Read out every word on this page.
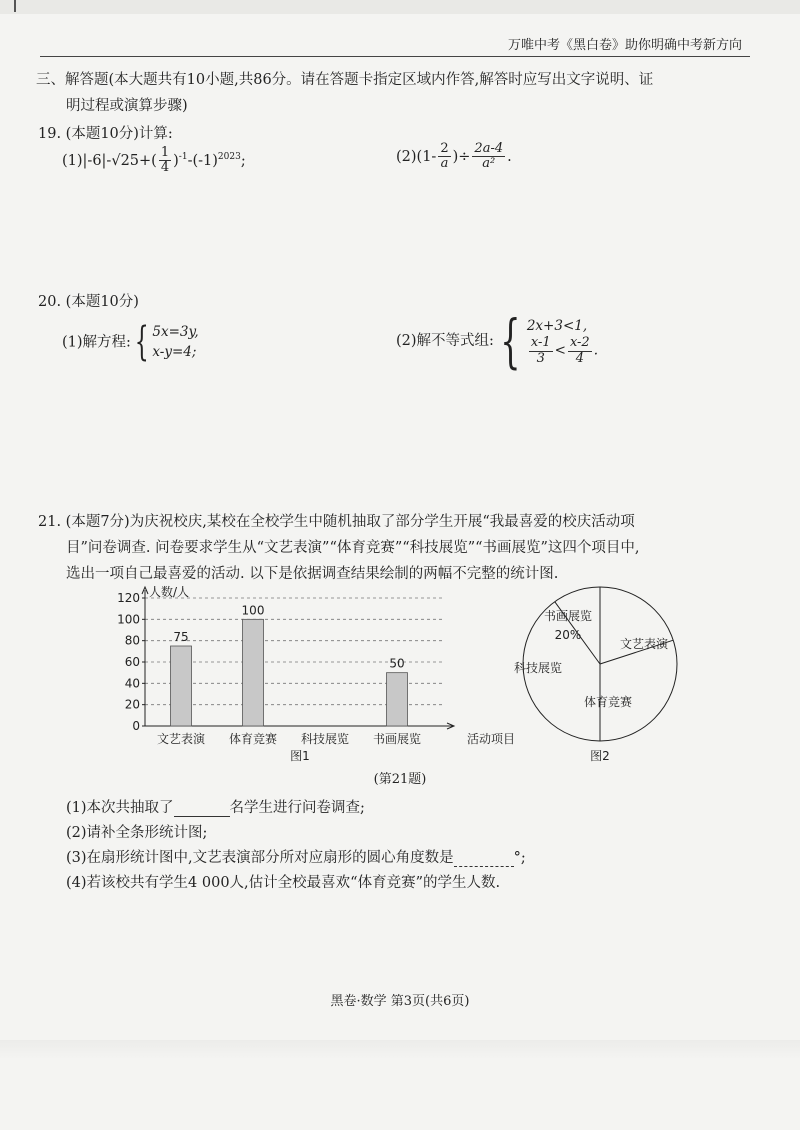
万唯中考《黑白卷》助你明确中考新方向
三、解答题(本大题共有10小题,共86分。请在答题卡指定区域内作答,解答时应写出文字说明、证
明过程或演算步骤)
19. (本题10分)计算:
$(1)|-6|-√25+( \frac{1}{4} )^{-1}-(-1)^{2023}$;	$(2)(1- \frac{2}{a}$ )÷ $\frac{2a-4}{\text{a²}}$ .
20. (本题10分)
(1)解方程:{ 5x=3y,
x-y=4;
(2)解不等式组: { 2x+3<1,
$\frac{x-1}{3} < \frac{x-2}{4}$ .
21. (本题7分)为庆祝校庆,某校在全校学生中随机抽取了部分学生开展“我最喜爱的校庆活动项
目”问卷调查. 问卷要求学生从“文艺表演”“体育竞赛”“科技展览”“书画展览”这四个项目中,
选出一项自己最喜爱的活动. 以下是依据调查结果绘制的两幅不完整的统计图.
0
20
40
60
80
100
120 人数/人
75
文艺表演
100
体育竞赛 科技展览
50
书画展览	活动项目
图1
书画展览
文艺表演
体育竞赛
科技展览
20%
图2
(第21题)
(1)本次共抽取了	名学生进行问卷调查;
(2)请补全条形统计图;
(3)在扇形统计图中,文艺表演部分所对应扇形的圆心角度数是	°;
(4)若该校共有学生4 000人,估计全校最喜欢“体育竞赛”的学生人数.
黑卷·数学 第3页(共6页)
